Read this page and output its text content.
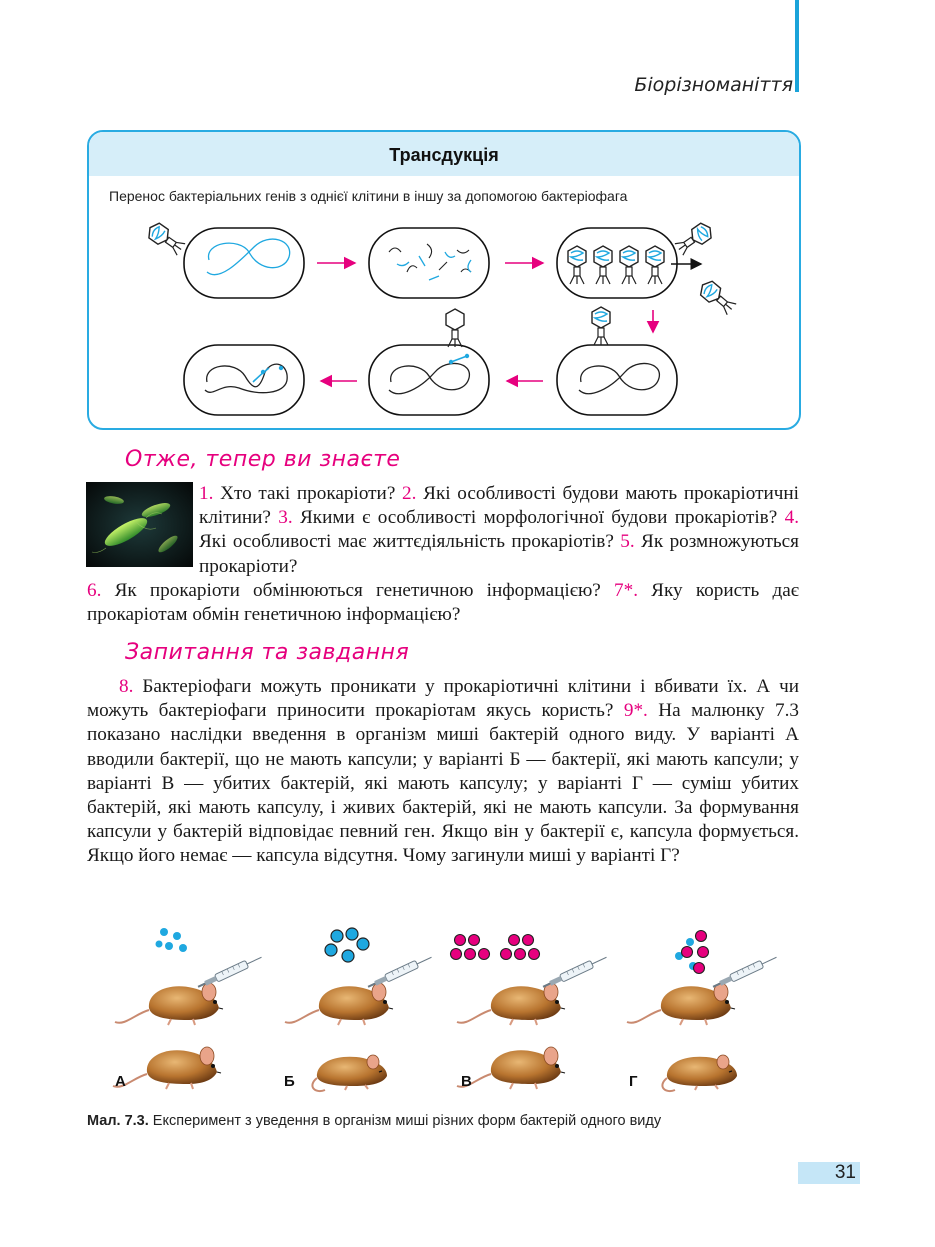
Біорізноманіття
Трансдукція
Перенос бактеріальних генів з однієї клітини в іншу за допомогою бактеріофага
Отже, тепер ви знаєте
1. Хто такі прокаріоти? 2. Які особливості будови мають прокаріотичні клітини? 3. Якими є особливості морфологічної будови прокаріотів? 4. Які особливості має життєдіяльність прокаріотів? 5. Як розмножуються прокаріоти?
6. Як прокаріоти обмінюються генетичною інформацією? 7*. Яку користь дає прокаріотам обмін генетичною інформацією?
Запитання та завдання
8. Бактеріофаги можуть проникати у прокаріотичні клітини і вбивати їх. А чи можуть бактеріофаги приносити прокаріотам якусь користь? 9*. На малюнку 7.3 показано наслідки введення в організм миші бактерій одного виду. У варіанті А вводили бактерії, що не мають капсули; у варіанті Б — бактерії, які мають капсули; у варіанті В — убитих бактерій, які мають капсулу; у варіанті Г — суміш убитих бактерій, які мають капсулу, і живих бактерій, які не мають капсули. За формування капсули у бактерій відповідає певний ген. Якщо він у бактерії є, капсула формується. Якщо його немає — капсула відсутня. Чому загинули миші у варіанті Г?
А	Б	В	Г
Мал. 7.3. Експеримент з уведення в організм миші різних форм бактерій одного виду
31
